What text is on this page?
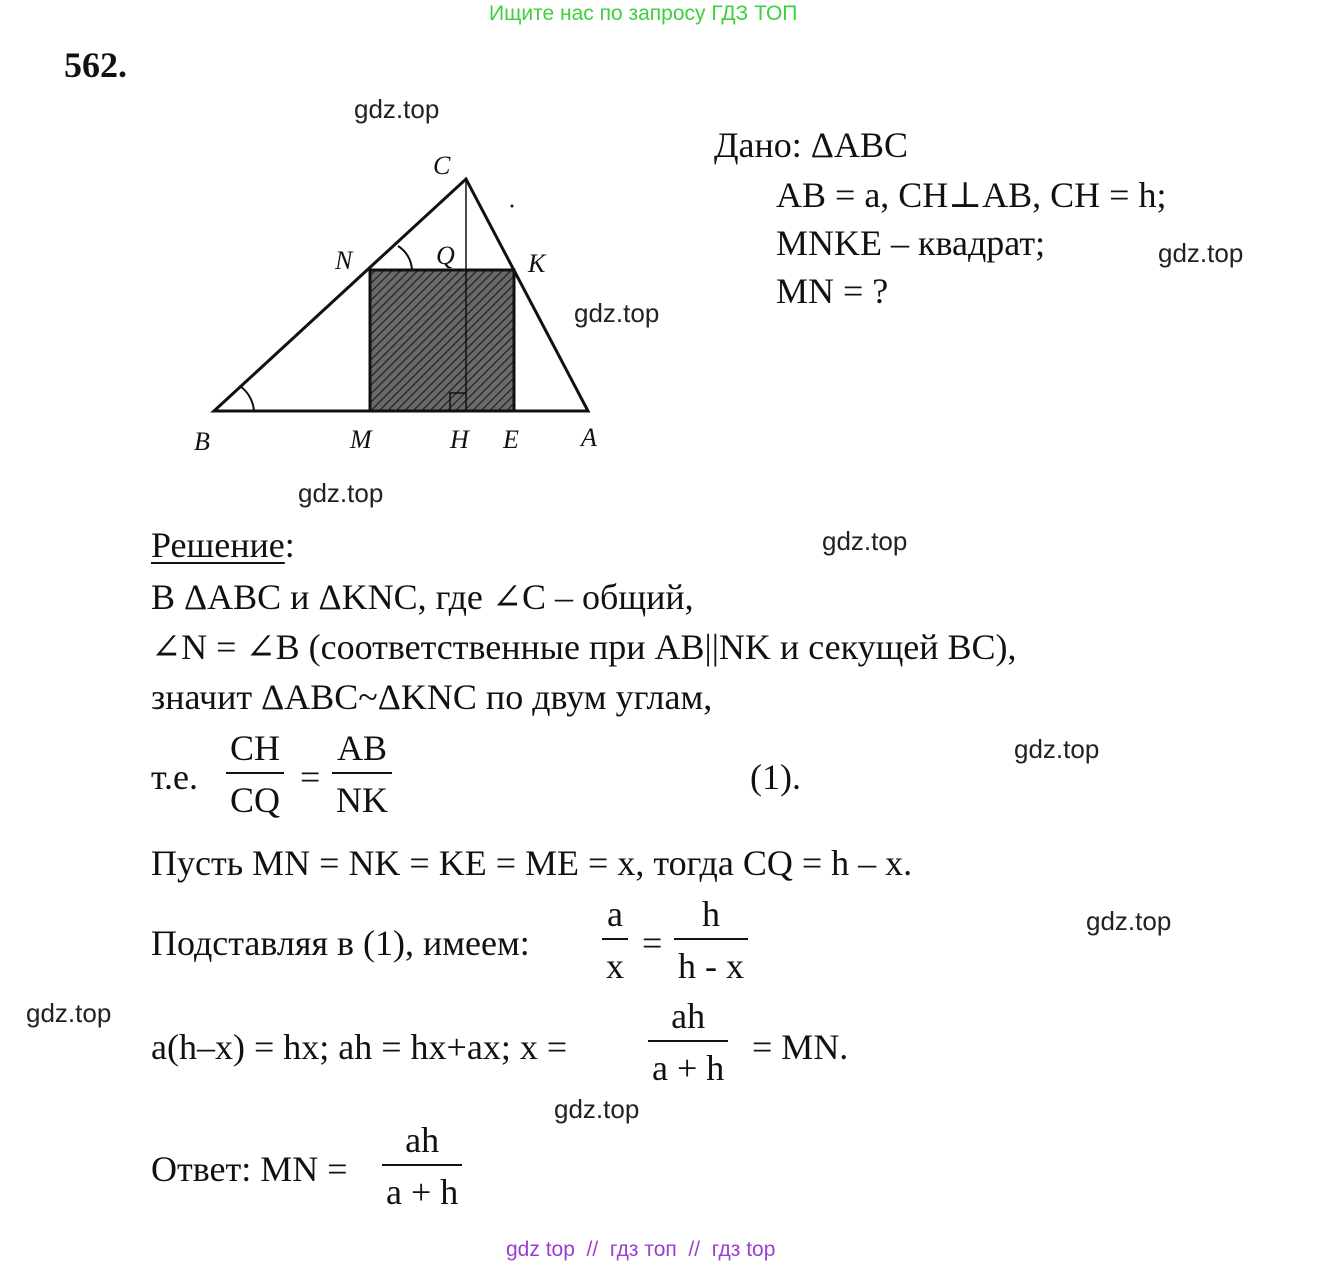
Ищите нас по запросу ГДЗ ТОП
562.
gdz.top
gdz.top
gdz.top
gdz.top
gdz.top
gdz.top
gdz.top
gdz.top
gdz.top
C
N	Q	K
B	M	H E A
Дано: ΔABC
AB = a, CH⊥AB, CH = h;
MNKE – квадрат;
MN = ?
Решение:
В ΔABC и ΔKNC, где ∠C – общий,
∠N = ∠B (соответственные при AB||NK и секущей BC),
значит ΔABC~ΔKNC по двум углам,
т.е. $\frac{CH}{CQ} = \frac{AB}{NK}$	(1).
Пусть MN = NK = KE = ME = x, тогда CQ = h – x.
Подставляя в (1), имеем: $\frac{a}{x} = \frac{h}{h - x}$
a(h–x) = hx; ah = hx+ax; $x = \frac{ah}{a + h}$ = MN.
Ответ: MN = $\frac{ah}{a + h}$
gdz top  //  гдз топ  //  гдз top
